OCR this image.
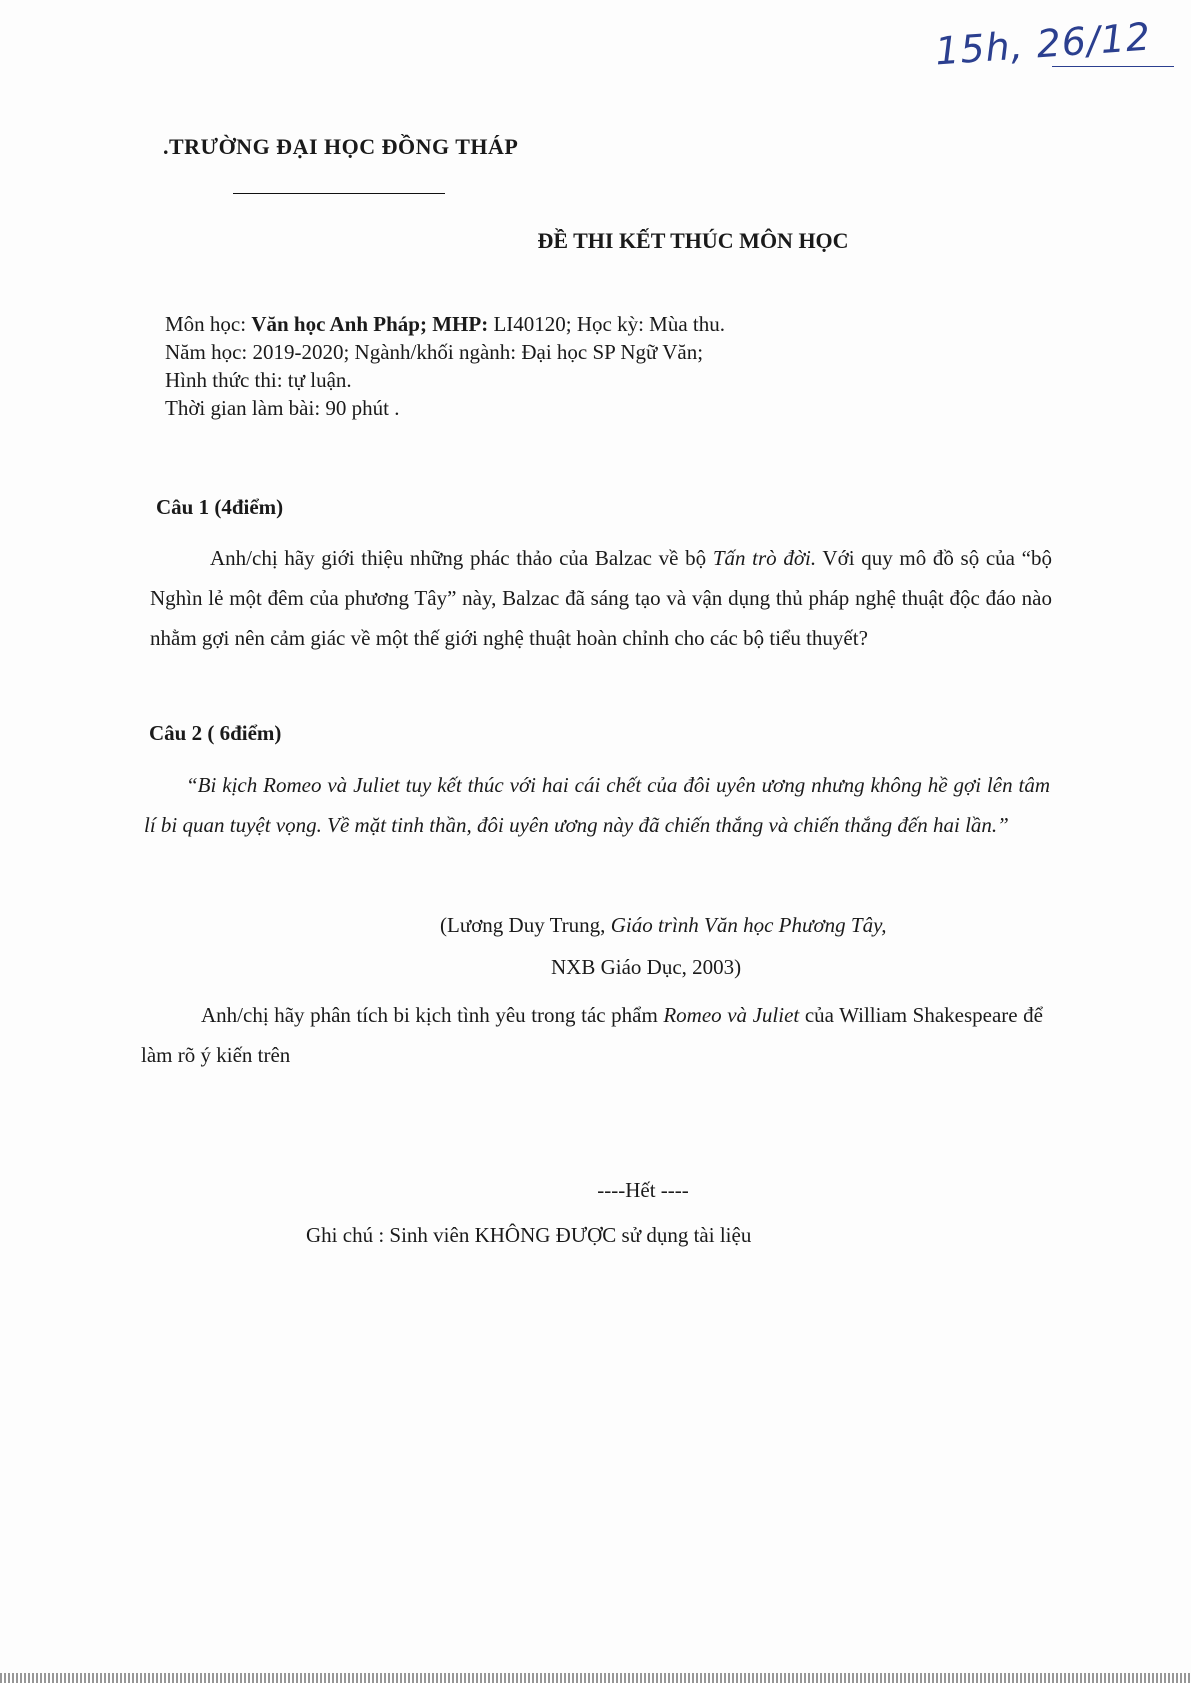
15h, 26/12
.TRƯỜNG ĐẠI HỌC ĐỒNG THÁP
ĐỀ THI KẾT THÚC MÔN HỌC
Môn học: Văn học Anh Pháp; MHP: LI40120; Học kỳ: Mùa thu.
Năm học: 2019-2020; Ngành/khối ngành: Đại học SP Ngữ Văn;
Hình thức thi: tự luận.
Thời gian làm bài: 90 phút .
Câu 1 (4điểm)
Anh/chị hãy giới thiệu những phác thảo của Balzac về bộ Tấn trò đời. Với quy mô đồ sộ của “bộ Nghìn lẻ một đêm của phương Tây” này, Balzac đã sáng tạo và vận dụng thủ pháp nghệ thuật độc đáo nào nhằm gợi nên cảm giác về một thế giới nghệ thuật hoàn chỉnh cho các bộ tiểu thuyết?
Câu 2 ( 6điểm)
“Bi kịch Romeo và Juliet tuy kết thúc với hai cái chết của đôi uyên ương nhưng không hề gợi lên tâm lí bi quan tuyệt vọng. Về mặt tinh thần, đôi uyên ương này đã chiến thắng và chiến thắng đến hai lần.”
(Lương Duy Trung, Giáo trình Văn học Phương Tây,
NXB Giáo Dục, 2003)
Anh/chị hãy phân tích bi kịch tình yêu trong tác phẩm Romeo và Juliet của William Shakespeare để làm rõ ý kiến trên
----Hết ----
Ghi chú : Sinh viên KHÔNG ĐƯỢC sử dụng tài liệu
